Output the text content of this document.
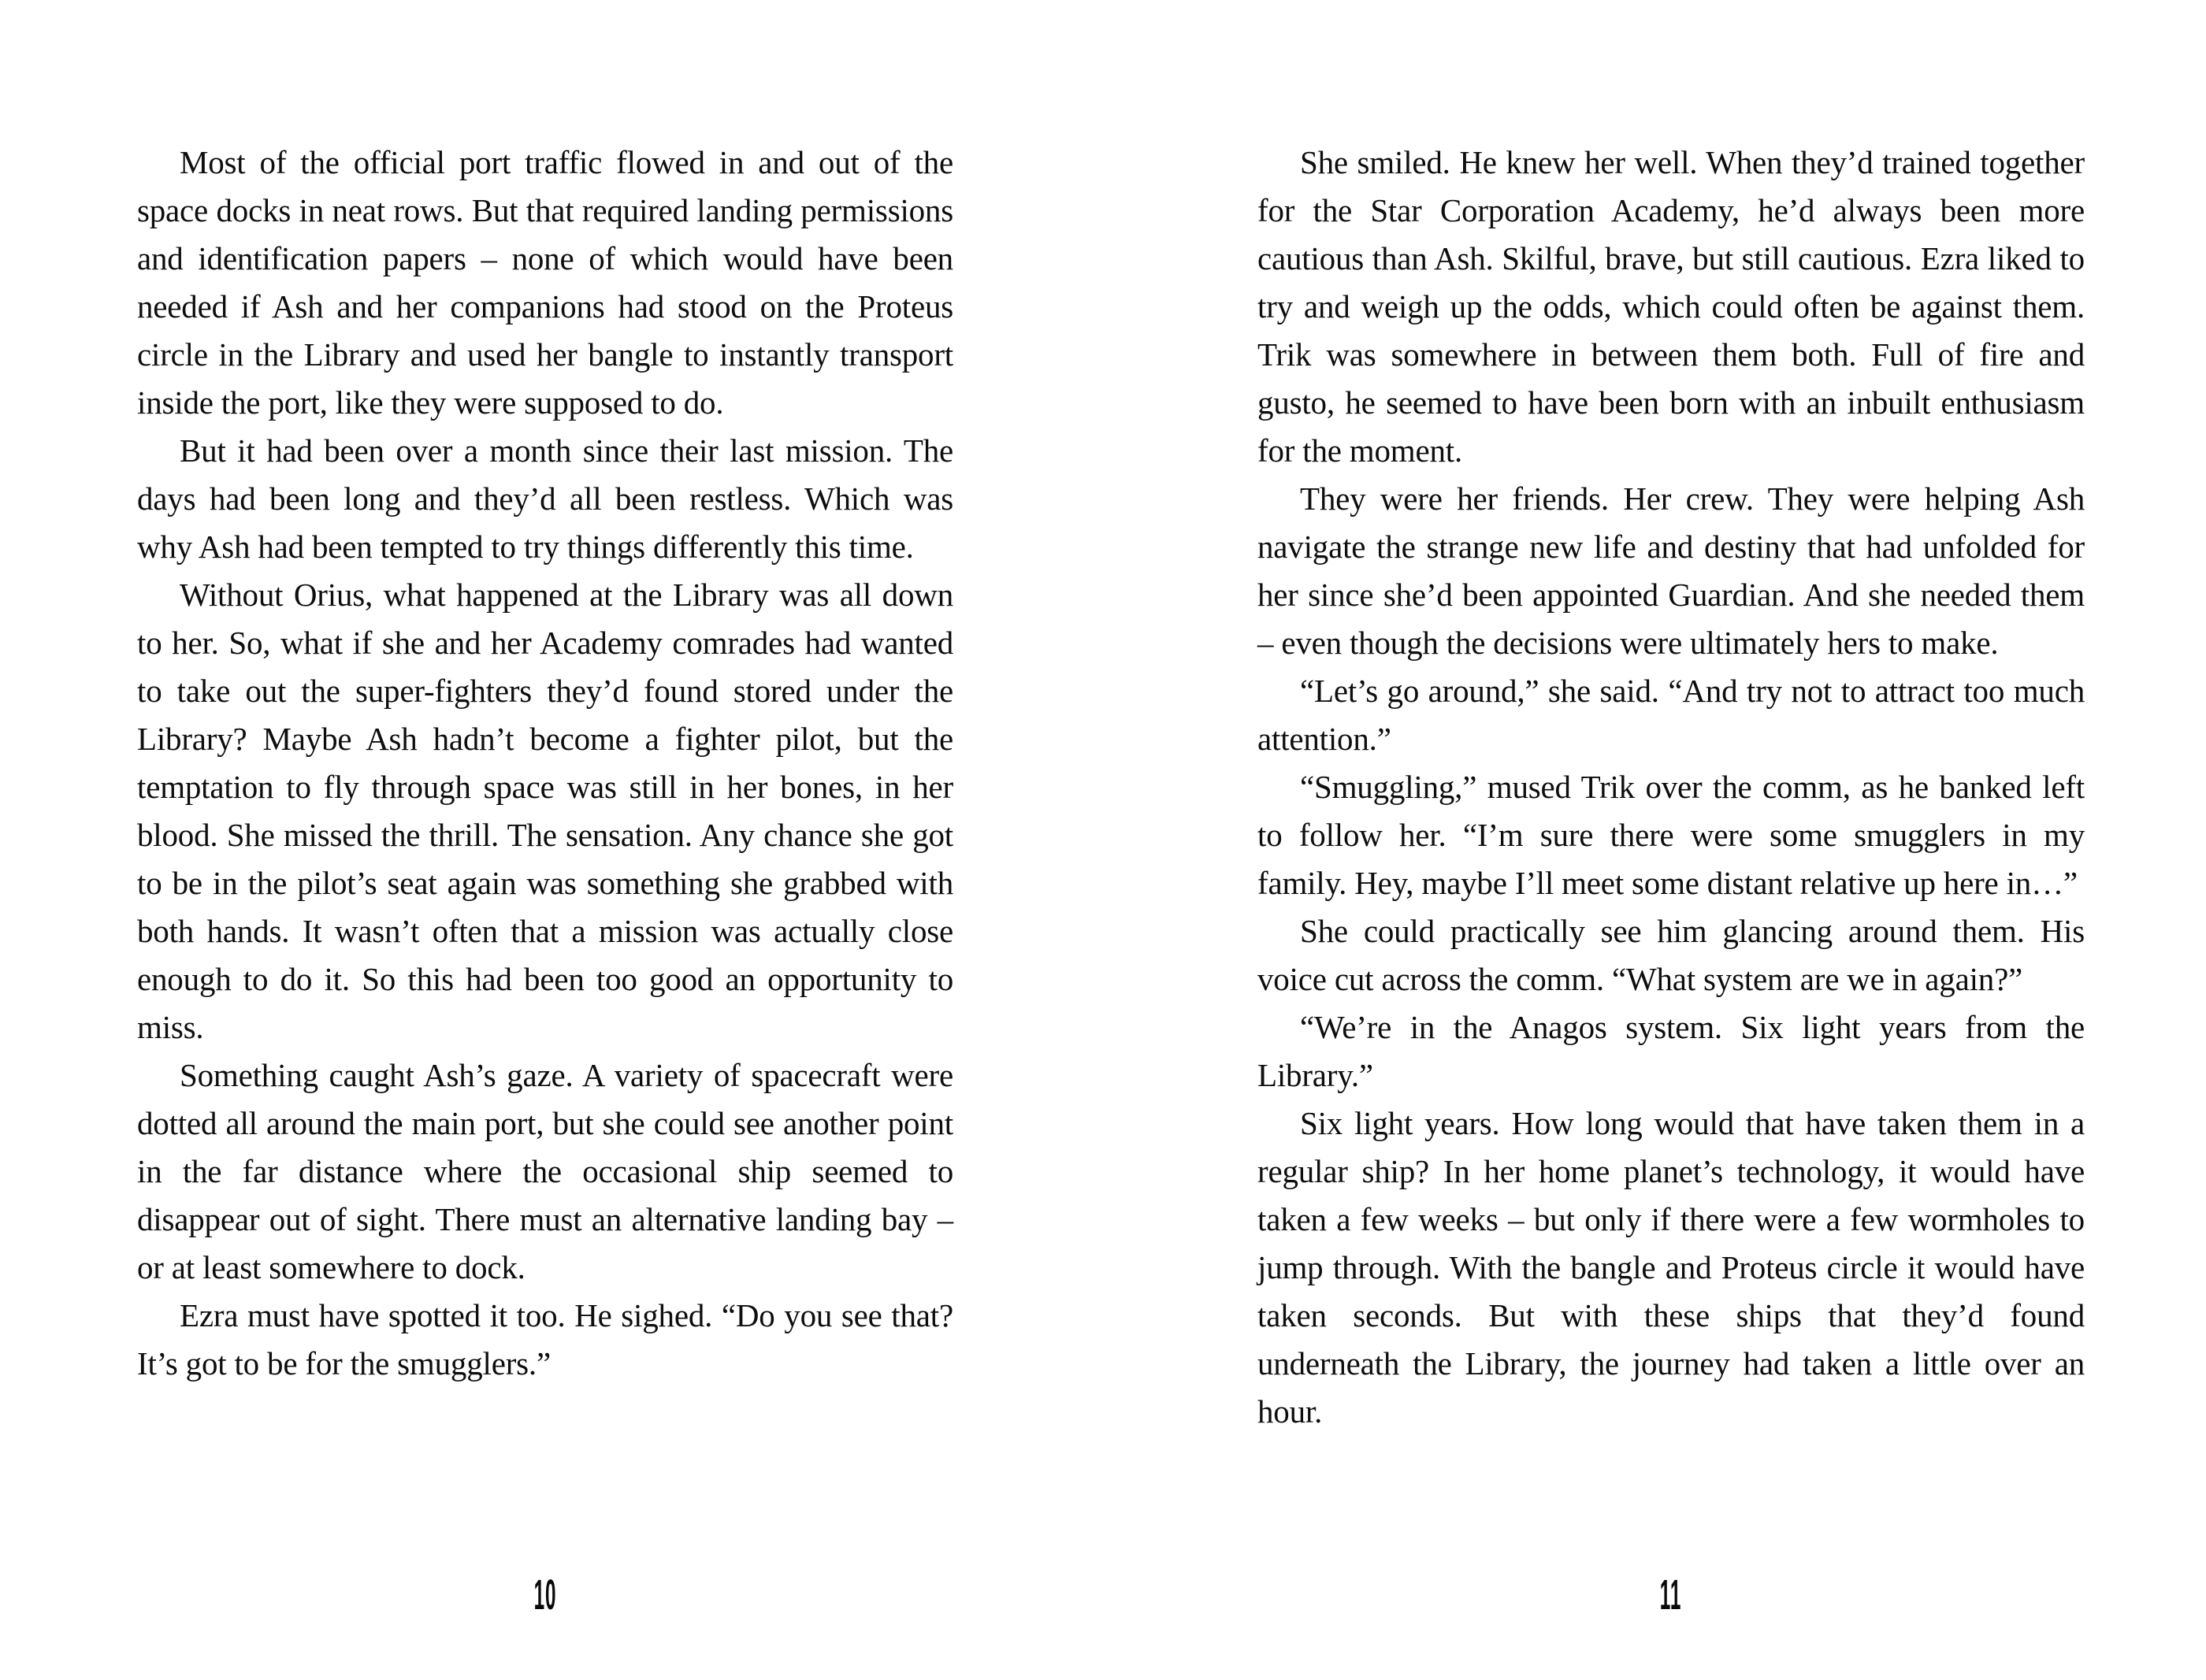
Most of the official port traffic flowed in and out of the space docks in neat rows. But that required landing permissions and identification papers – none of which would have been needed if Ash and her companions had stood on the Proteus circle in the Library and used her bangle to instantly transport inside the port, like they were supposed to do.

But it had been over a month since their last mission. The days had been long and they’d all been restless. Which was why Ash had been tempted to try things differently this time.

Without Orius, what happened at the Library was all down to her. So, what if she and her Academy comrades had wanted to take out the super-fighters they’d found stored under the Library? Maybe Ash hadn’t become a fighter pilot, but the temptation to fly through space was still in her bones, in her blood. She missed the thrill. The sensation. Any chance she got to be in the pilot’s seat again was something she grabbed with both hands. It wasn’t often that a mission was actually close enough to do it. So this had been too good an opportunity to miss.

Something caught Ash’s gaze. A variety of spacecraft were dotted all around the main port, but she could see another point in the far distance where the occasional ship seemed to disappear out of sight. There must an alternative landing bay – or at least somewhere to dock.

Ezra must have spotted it too. He sighed. “Do you see that? It’s got to be for the smugglers.”

10

She smiled. He knew her well. When they’d trained together for the Star Corporation Academy, he’d always been more cautious than Ash. Skilful, brave, but still cautious. Ezra liked to try and weigh up the odds, which could often be against them. Trik was somewhere in between them both. Full of fire and gusto, he seemed to have been born with an inbuilt enthusiasm for the moment.

They were her friends. Her crew. They were helping Ash navigate the strange new life and destiny that had unfolded for her since she’d been appointed Guardian. And she needed them – even though the decisions were ultimately hers to make.

“Let’s go around,” she said. “And try not to attract too much attention.”

“Smuggling,” mused Trik over the comm, as he banked left to follow her. “I’m sure there were some smugglers in my family. Hey, maybe I’ll meet some distant relative up here in…”

She could practically see him glancing around them. His voice cut across the comm. “What system are we in again?”

“We’re in the Anagos system. Six light years from the Library.”

Six light years. How long would that have taken them in a regular ship? In her home planet’s technology, it would have taken a few weeks – but only if there were a few wormholes to jump through. With the bangle and Proteus circle it would have taken seconds. But with these ships that they’d found underneath the Library, the journey had taken a little over an hour.

11
